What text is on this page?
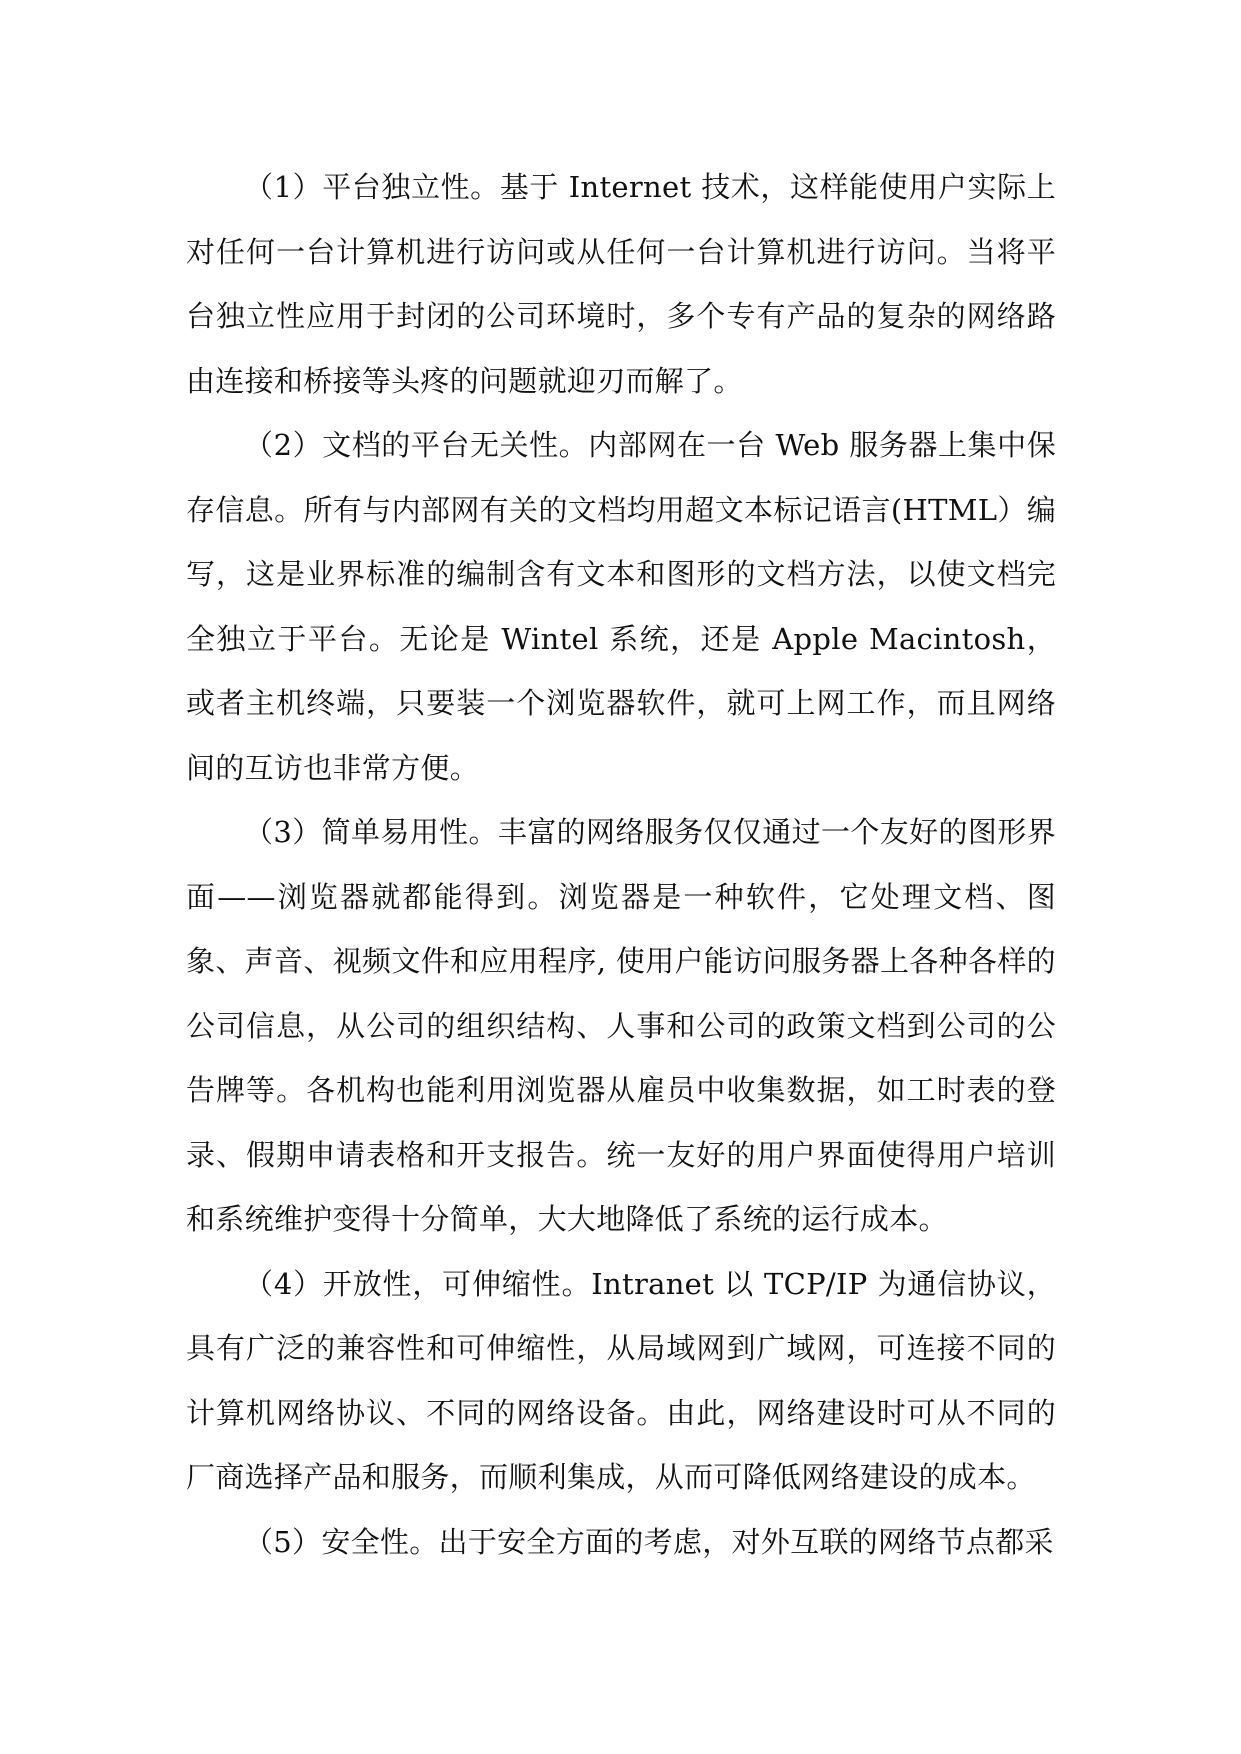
（1）平台独立性。基于 Internet 技术，这样能使用户实际上对任何一台计算机进行访问或从任何一台计算机进行访问。当将平台独立性应用于封闭的公司环境时，多个专有产品的复杂的网络路由连接和桥接等头疼的问题就迎刃而解了。

（2）文档的平台无关性。内部网在一台 Web 服务器上集中保存信息。所有与内部网有关的文档均用超文本标记语言(HTML）编写，这是业界标准的编制含有文本和图形的文档方法，以使文档完全独立于平台。无论是 Wintel 系统，还是 Apple Macintosh，或者主机终端，只要装一个浏览器软件，就可上网工作，而且网络间的互访也非常方便。

（3）简单易用性。丰富的网络服务仅仅通过一个友好的图形界面——浏览器就都能得到。浏览器是一种软件，它处理文档、图象、声音、视频文件和应用程序, 使用户能访问服务器上各种各样的公司信息，从公司的组织结构、人事和公司的政策文档到公司的公告牌等。各机构也能利用浏览器从雇员中收集数据，如工时表的登录、假期申请表格和开支报告。统一友好的用户界面使得用户培训和系统维护变得十分简单，大大地降低了系统的运行成本。

（4）开放性，可伸缩性。Intranet 以 TCP/IP 为通信协议，具有广泛的兼容性和可伸缩性，从局域网到广域网，可连接不同的计算机网络协议、不同的网络设备。由此，网络建设时可从不同的厂商选择产品和服务，而顺利集成，从而可降低网络建设的成本。

（5）安全性。出于安全方面的考虑，对外互联的网络节点都采
